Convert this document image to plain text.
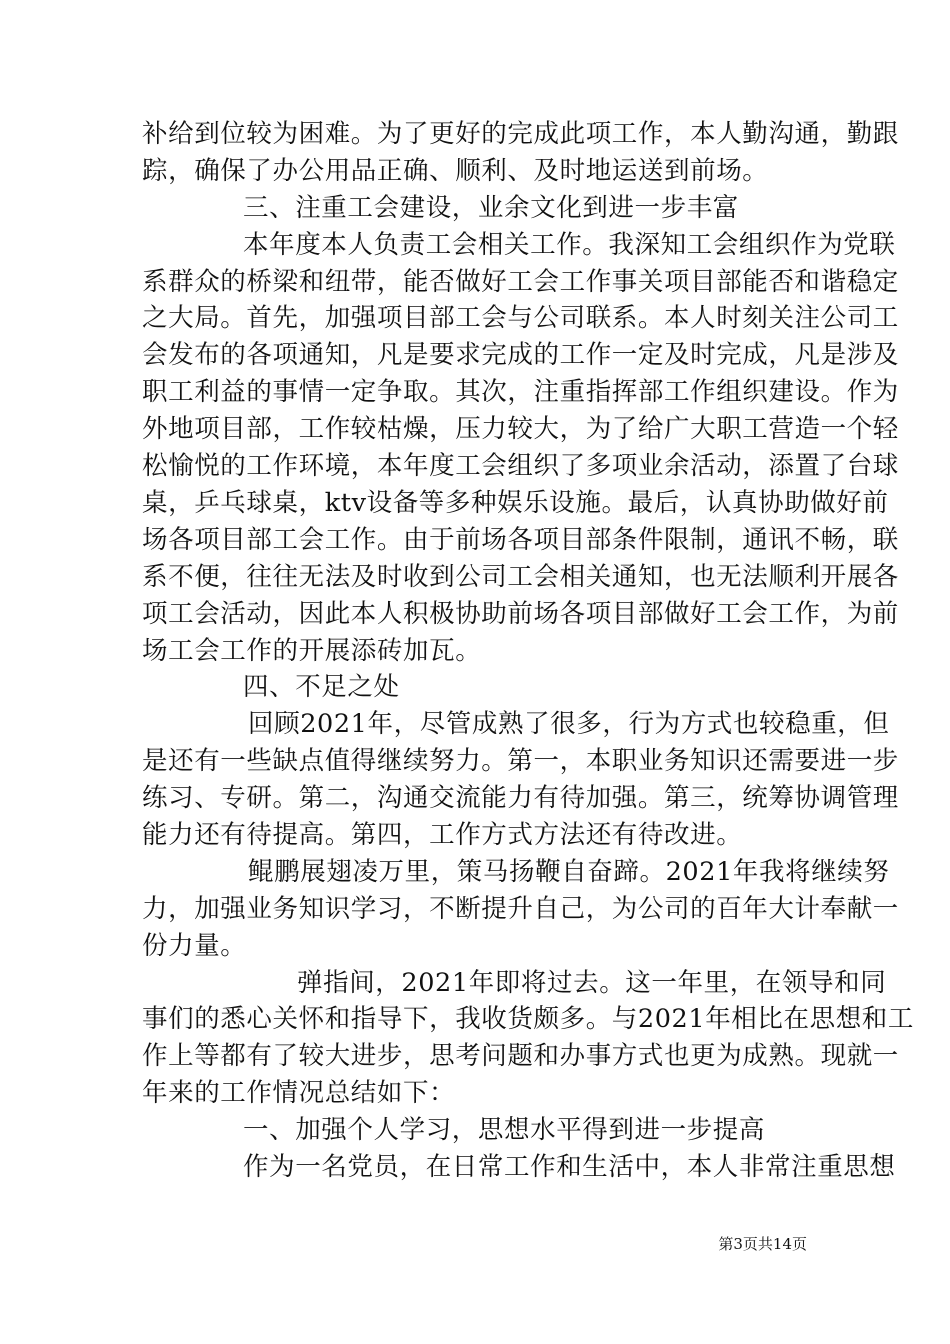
补给到位较为困难。为了更好的完成此项工作，本人勤沟通，勤跟
踪，确保了办公用品正确、顺利、及时地运送到前场。
三、注重工会建设，业余文化到进一步丰富
本年度本人负责工会相关工作。我深知工会组织作为党联
系群众的桥梁和纽带，能否做好工会工作事关项目部能否和谐稳定
之大局。首先，加强项目部工会与公司联系。本人时刻关注公司工
会发布的各项通知，凡是要求完成的工作一定及时完成，凡是涉及
职工利益的事情一定争取。其次，注重指挥部工作组织建设。作为
外地项目部，工作较枯燥，压力较大，为了给广大职工营造一个轻
松愉悦的工作环境，本年度工会组织了多项业余活动，添置了台球
桌，乒乓球桌，ktv设备等多种娱乐设施。最后，认真协助做好前
场各项目部工会工作。由于前场各项目部条件限制，通讯不畅，联
系不便，往往无法及时收到公司工会相关通知，也无法顺利开展各
项工会活动，因此本人积极协助前场各项目部做好工会工作，为前
场工会工作的开展添砖加瓦。
四、不足之处
回顾2021年，尽管成熟了很多，行为方式也较稳重，但
是还有一些缺点值得继续努力。第一，本职业务知识还需要进一步
练习、专研。第二，沟通交流能力有待加强。第三，统筹协调管理
能力还有待提高。第四，工作方式方法还有待改进。
鲲鹏展翅凌万里，策马扬鞭自奋蹄。2021年我将继续努
力，加强业务知识学习，不断提升自己，为公司的百年大计奉献一
份力量。
弹指间，2021年即将过去。这一年里，在领导和同
事们的悉心关怀和指导下，我收货颇多。与2021年相比在思想和工
作上等都有了较大进步，思考问题和办事方式也更为成熟。现就一
年来的工作情况总结如下：
一、加强个人学习，思想水平得到进一步提高
作为一名党员，在日常工作和生活中，本人非常注重思想
第3页共14页
